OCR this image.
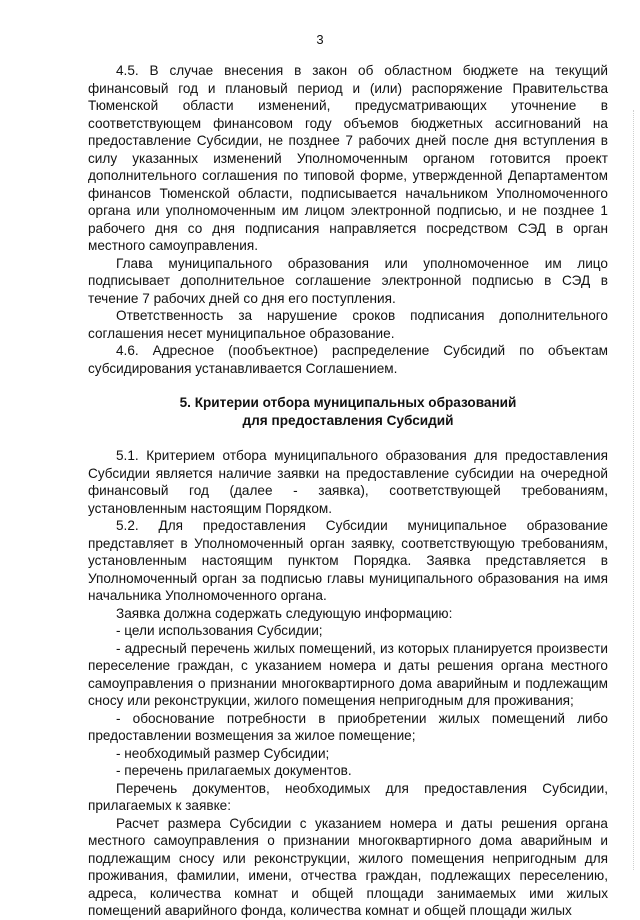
3

4.5. В случае внесения в закон об областном бюджете на текущий финансовый год и плановый период и (или) распоряжение Правительства Тюменской области изменений, предусматривающих уточнение в соответствующем финансовом году объемов бюджетных ассигнований на предоставление Субсидии, не позднее 7 рабочих дней после дня вступления в силу указанных изменений Уполномоченным органом готовится проект дополнительного соглашения по типовой форме, утвержденной Департаментом финансов Тюменской области, подписывается начальником Уполномоченного органа или уполномоченным им лицом электронной подписью, и не позднее 1 рабочего дня со дня подписания направляется посредством СЭД в орган местного самоуправления.

Глава муниципального образования или уполномоченное им лицо подписывает дополнительное соглашение электронной подписью в СЭД в течение 7 рабочих дней со дня его поступления.

Ответственность за нарушение сроков подписания дополнительного соглашения несет муниципальное образование.

4.6. Адресное (пообъектное) распределение Субсидий по объектам субсидирования устанавливается Соглашением.

5. Критерии отбора муниципальных образований
для предоставления Субсидий

5.1. Критерием отбора муниципального образования для предоставления Субсидии является наличие заявки на предоставление субсидии на очередной финансовый год (далее - заявка), соответствующей требованиям, установленным настоящим Порядком.

5.2. Для предоставления Субсидии муниципальное образование представляет в Уполномоченный орган заявку, соответствующую требованиям, установленным настоящим пунктом Порядка. Заявка представляется в Уполномоченный орган за подписью главы муниципального образования на имя начальника Уполномоченного органа.

Заявка должна содержать следующую информацию:

- цели использования Субсидии;

- адресный перечень жилых помещений, из которых планируется произвести переселение граждан, с указанием номера и даты решения органа местного самоуправления о признании многоквартирного дома аварийным и подлежащим сносу или реконструкции, жилого помещения непригодным для проживания;

- обоснование потребности в приобретении жилых помещений либо предоставлении возмещения за жилое помещение;

- необходимый размер Субсидии;

- перечень прилагаемых документов.

Перечень документов, необходимых для предоставления Субсидии, прилагаемых к заявке:

Расчет размера Субсидии с указанием номера и даты решения органа местного самоуправления о признании многоквартирного дома аварийным и подлежащим сносу или реконструкции, жилого помещения непригодным для проживания, фамилии, имени, отчества граждан, подлежащих переселению, адреса, количества комнат и общей площади занимаемых ими жилых помещений аварийного фонда, количества комнат и общей площади жилых
